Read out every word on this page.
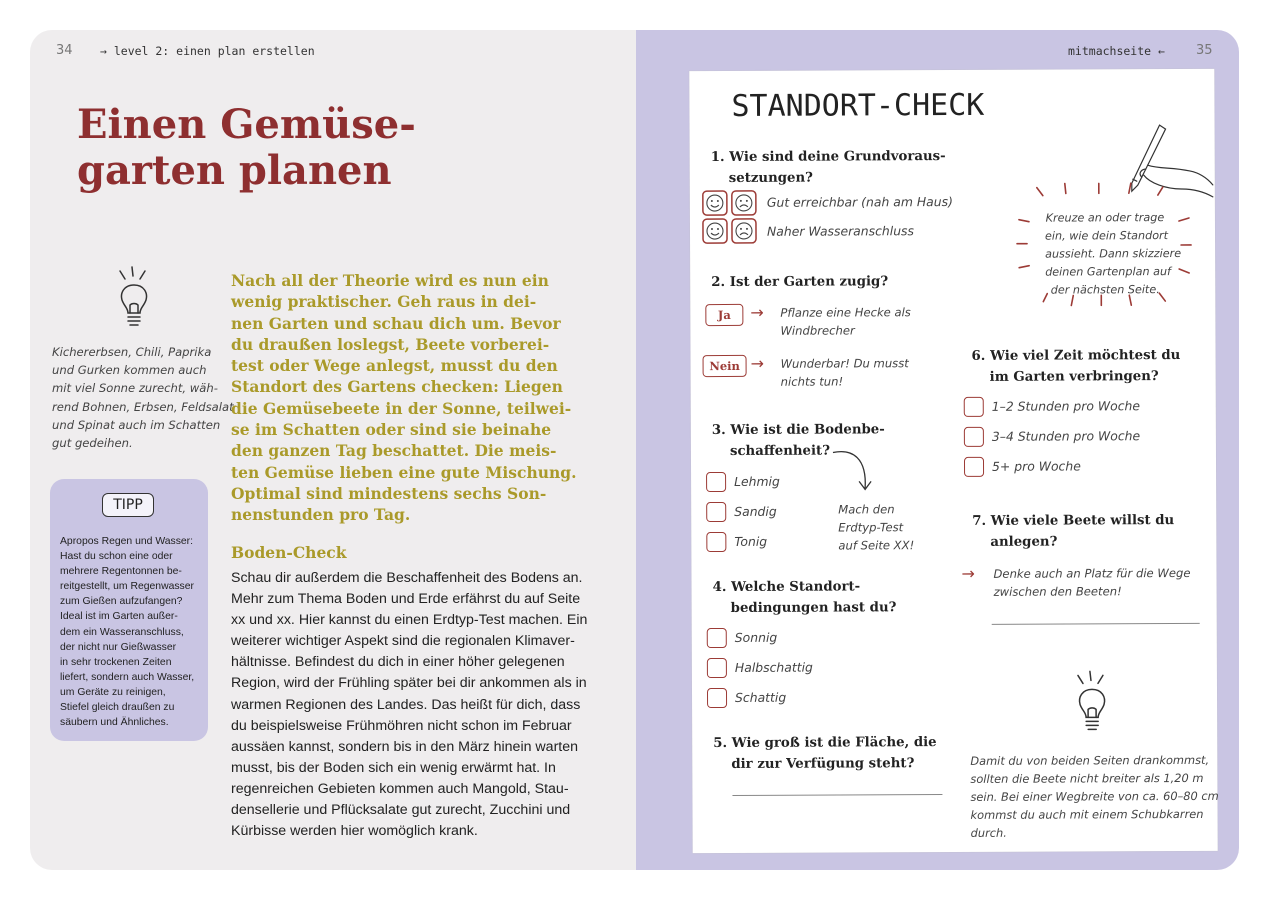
34 → level 2: einen plan erstellen
Einen Gemüse-
garten planen
Kichererbsen, Chili, Paprika
und Gurken kommen auch
mit viel Sonne zurecht, wäh-
rend Bohnen, Erbsen, Feldsalat
und Spinat auch im Schatten
gut gedeihen.
TIPP
Apropos Regen und Wasser:
Hast du schon eine oder
mehrere Regentonnen be-
reitgestellt, um Regenwasser
zum Gießen aufzufangen?
Ideal ist im Garten außer-
dem ein Wasseranschluss,
der nicht nur Gießwasser
in sehr trockenen Zeiten
liefert, sondern auch Wasser,
um Geräte zu reinigen,
Stiefel gleich draußen zu
säubern und Ähnliches.
Nach all der Theorie wird es nun ein
wenig praktischer. Geh raus in dei-
nen Garten und schau dich um. Bevor
du draußen loslegst, Beete vorberei-
test oder Wege anlegst, musst du den
Standort des Gartens checken: Liegen
die Gemüsebeete in der Sonne, teilwei-
se im Schatten oder sind sie beinahe
den ganzen Tag beschattet. Die meis-
ten Gemüse lieben eine gute Mischung.
Optimal sind mindestens sechs Son-
nenstunden pro Tag.
Boden-Check
Schau dir außerdem die Beschaffenheit des Bodens an.
Mehr zum Thema Boden und Erde erfährst du auf Seite
xx und xx. Hier kannst du einen Erdtyp-Test machen. Ein
weiterer wichtiger Aspekt sind die regionalen Klimaver-
hältnisse. Befindest du dich in einer höher gelegenen
Region, wird der Frühling später bei dir ankommen als in
warmen Regionen des Landes. Das heißt für dich, dass
du beispielsweise Frühmöhren nicht schon im Februar
aussäen kannst, sondern bis in den März hinein warten
musst, bis der Boden sich ein wenig erwärmt hat. In
regenreichen Gebieten kommen auch Mangold, Stau-
densellerie und Pflücksalate gut zurecht, Zucchini und
Kürbisse werden hier womöglich krank.
mitmachseite ← 35
STANDORT-CHECK
1. Wie sind deine Grundvoraus-
setzungen?
Gut erreichbar (nah am Haus)
Naher Wasseranschluss
2. Ist der Garten zugig?
Ja	→ Pflanze eine Hecke als
Windbrecher
Nein → Wunderbar! Du musst
nichts tun!
3. Wie ist die Bodenbe-
schaffenheit?
Lehmig
Sandig
Tonig
Mach den
Erdtyp-Test
auf Seite XX!
4. Welche Standort-
bedingungen hast du?
Sonnig
Halbschattig
Schattig
5. Wie groß ist die Fläche, die
dir zur Verfügung steht?
Kreuze an oder trage
ein, wie dein Standort
aussieht. Dann skizziere
deinen Gartenplan auf
der nächsten Seite.
6. Wie viel Zeit möchtest du
im Garten verbringen?
1–2 Stunden pro Woche
3–4 Stunden pro Woche
5+ pro Woche
7. Wie viele Beete willst du
anlegen?
→ Denke auch an Platz für die Wege
zwischen den Beeten!
Damit du von beiden Seiten drankommst,
sollten die Beete nicht breiter als 1,20 m
sein. Bei einer Wegbreite von ca. 60–80 cm
kommst du auch mit einem Schubkarren
durch.
